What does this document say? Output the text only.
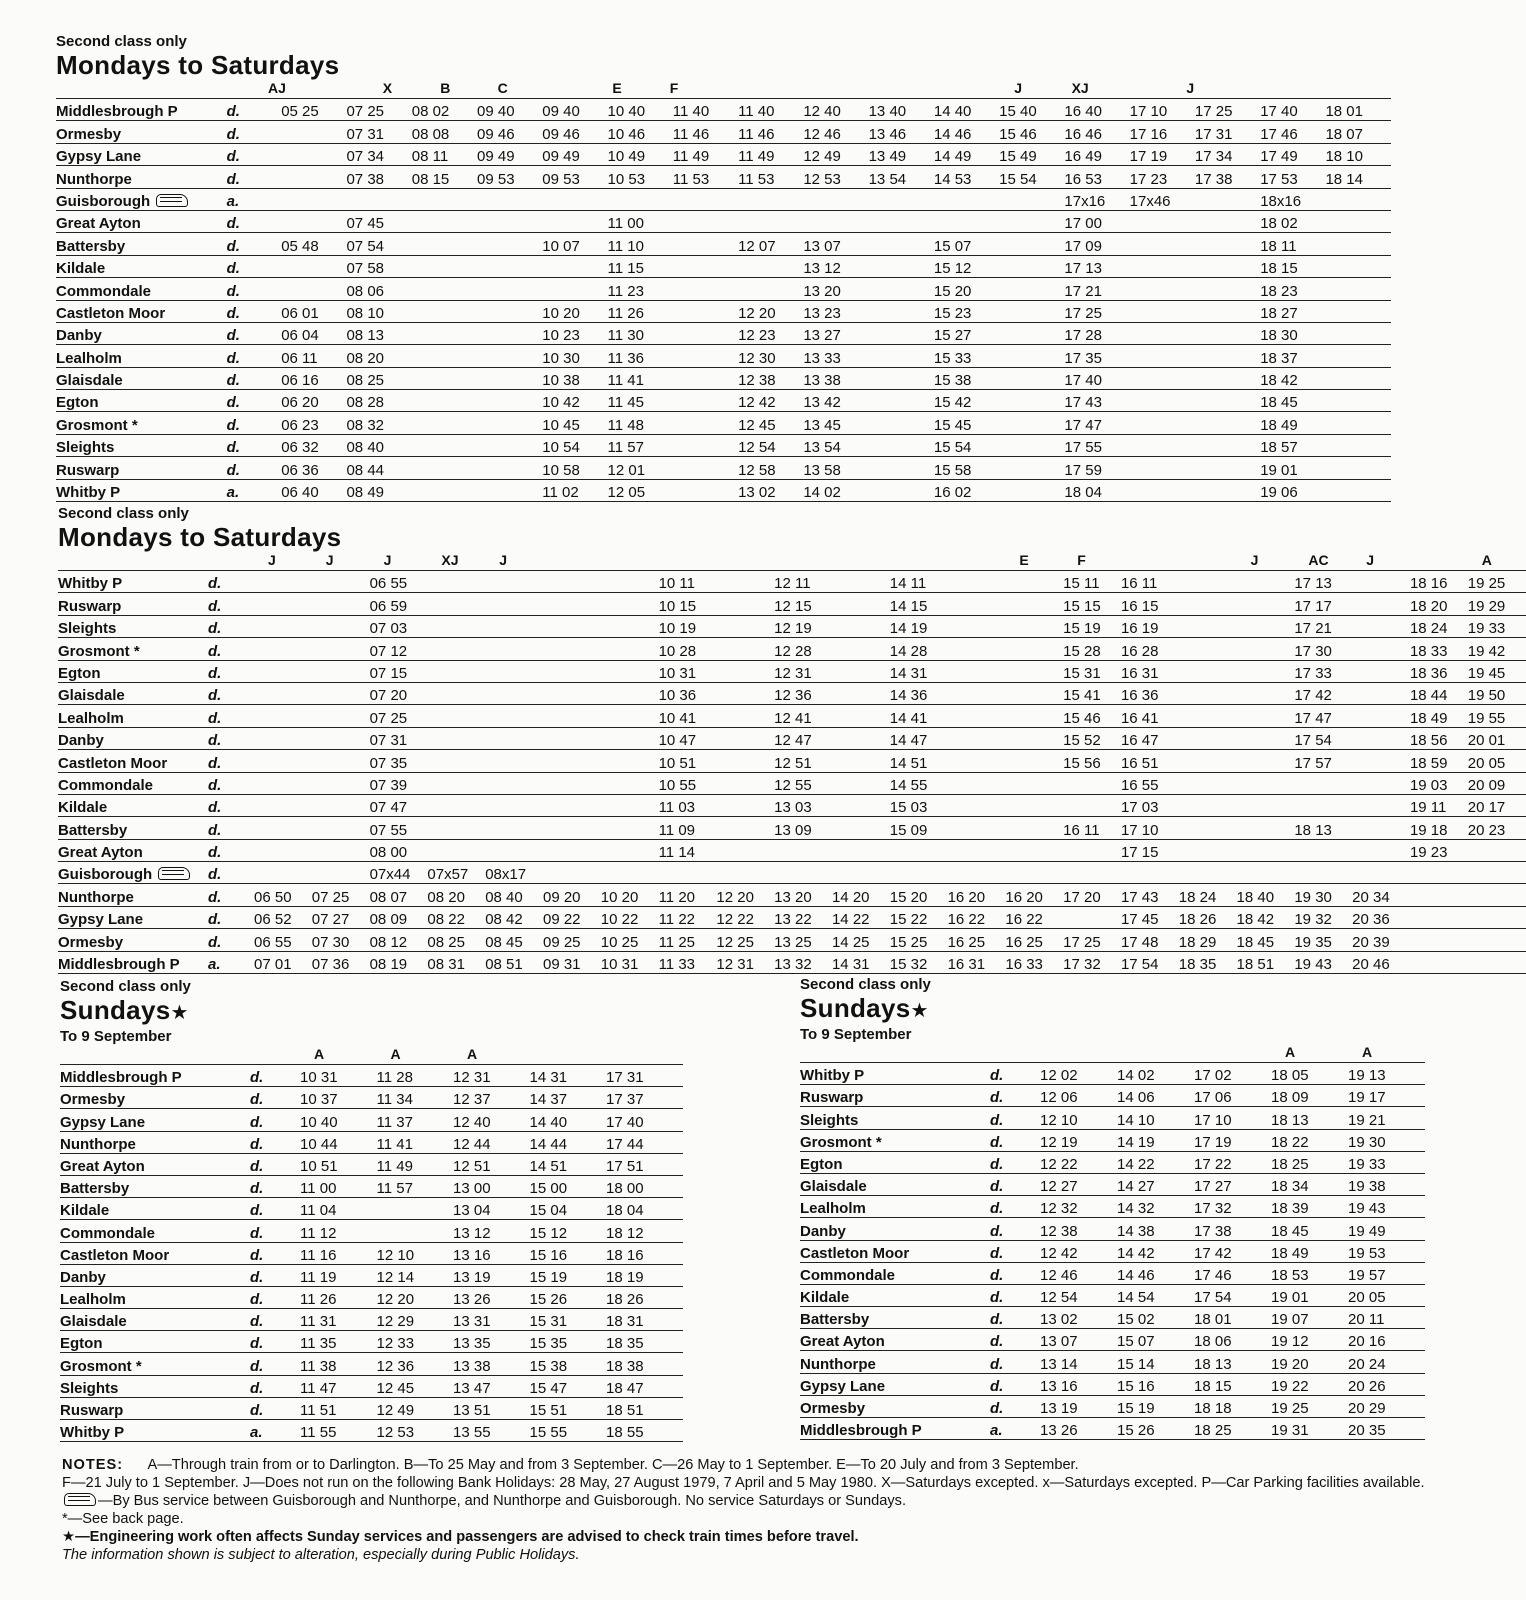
Second class only
Mondays to Saturdays
AJ	X	B	C	E	F	J	XJ	J
Middlesbrough P	d.	05 25	07 25	08 02	09 40	09 40	10 40	11 40	11 40	12 40	13 40	14 40	15 40	16 40	17 10	17 25	17 40	18 01
Ormesby	d.		07 31	08 08	09 46	09 46	10 46	11 46	11 46	12 46	13 46	14 46	15 46	16 46	17 16	17 31	17 46	18 07
Gypsy Lane	d.		07 34	08 11	09 49	09 49	10 49	11 49	11 49	12 49	13 49	14 49	15 49	16 49	17 19	17 34	17 49	18 10
Nunthorpe	d.		07 38	08 15	09 53	09 53	10 53	11 53	11 53	12 53	13 54	14 53	15 54	16 53	17 23	17 38	17 53	18 14
Guisborough	a.													17x16	17x46		18x16	
Great Ayton	d.		07 45				11 00							17 00			18 02	
Battersby	d.	05 48	07 54			10 07	11 10		12 07	13 07		15 07		17 09			18 11	
Kildale	d.		07 58				11 15			13 12		15 12		17 13			18 15	
Commondale	d.		08 06				11 23			13 20		15 20		17 21			18 23	
Castleton Moor	d.	06 01	08 10			10 20	11 26		12 20	13 23		15 23		17 25			18 27	
Danby	d.	06 04	08 13			10 23	11 30		12 23	13 27		15 27		17 28			18 30	
Lealholm	d.	06 11	08 20			10 30	11 36		12 30	13 33		15 33		17 35			18 37	
Glaisdale	d.	06 16	08 25			10 38	11 41		12 38	13 38		15 38		17 40			18 42	
Egton	d.	06 20	08 28			10 42	11 45		12 42	13 42		15 42		17 43			18 45	
Grosmont *	d.	06 23	08 32			10 45	11 48		12 45	13 45		15 45		17 47			18 49	
Sleights	d.	06 32	08 40			10 54	11 57		12 54	13 54		15 54		17 55			18 57	
Ruswarp	d.	06 36	08 44			10 58	12 01		12 58	13 58		15 58		17 59			19 01	
Whitby P	a.	06 40	08 49			11 02	12 05		13 02	14 02		16 02		18 04			19 06	
Second class only
Mondays to Saturdays
J	J	J	XJ	J	E	F	J	AC	J	A
Whitby P	d.			06 55					10 11		12 11		14 11			15 11	16 11			17 13		18 16	19 25
Ruswarp	d.			06 59					10 15		12 15		14 15			15 15	16 15			17 17		18 20	19 29
Sleights	d.			07 03					10 19		12 19		14 19			15 19	16 19			17 21		18 24	19 33
Grosmont *	d.			07 12					10 28		12 28		14 28			15 28	16 28			17 30		18 33	19 42
Egton	d.			07 15					10 31		12 31		14 31			15 31	16 31			17 33		18 36	19 45
Glaisdale	d.			07 20					10 36		12 36		14 36			15 41	16 36			17 42		18 44	19 50
Lealholm	d.			07 25					10 41		12 41		14 41			15 46	16 41			17 47		18 49	19 55
Danby	d.			07 31					10 47		12 47		14 47			15 52	16 47			17 54		18 56	20 01
Castleton Moor	d.			07 35					10 51		12 51		14 51			15 56	16 51			17 57		18 59	20 05
Commondale	d.			07 39					10 55		12 55		14 55				16 55					19 03	20 09
Kildale	d.			07 47					11 03		13 03		15 03				17 03					19 11	20 17
Battersby	d.			07 55					11 09		13 09		15 09			16 11	17 10			18 13		19 18	20 23
Great Ayton	d.			08 00					11 14								17 15					19 23	
Guisborough	d.			07x44	07x57	08x17																	
Nunthorpe	d.	06 50	07 25	08 07	08 20	08 40	09 20	10 20	11 20	12 20	13 20	14 20	15 20	16 20	16 20	17 20	17 43	18 24	18 40	19 30	20 34		
Gypsy Lane	d.	06 52	07 27	08 09	08 22	08 42	09 22	10 22	11 22	12 22	13 22	14 22	15 22	16 22	16 22		17 45	18 26	18 42	19 32	20 36		
Ormesby	d.	06 55	07 30	08 12	08 25	08 45	09 25	10 25	11 25	12 25	13 25	14 25	15 25	16 25	16 25	17 25	17 48	18 29	18 45	19 35	20 39		
Middlesbrough P	a.	07 01	07 36	08 19	08 31	08 51	09 31	10 31	11 33	12 31	13 32	14 31	15 32	16 31	16 33	17 32	17 54	18 35	18 51	19 43	20 46		
Second class only
Sundays★
To 9 September
A	A	A
Middlesbrough P	d.	10 31	11 28	12 31	14 31	17 31
Ormesby	d.	10 37	11 34	12 37	14 37	17 37
Gypsy Lane	d.	10 40	11 37	12 40	14 40	17 40
Nunthorpe	d.	10 44	11 41	12 44	14 44	17 44
Great Ayton	d.	10 51	11 49	12 51	14 51	17 51
Battersby	d.	11 00	11 57	13 00	15 00	18 00
Kildale	d.	11 04		13 04	15 04	18 04
Commondale	d.	11 12		13 12	15 12	18 12
Castleton Moor	d.	11 16	12 10	13 16	15 16	18 16
Danby	d.	11 19	12 14	13 19	15 19	18 19
Lealholm	d.	11 26	12 20	13 26	15 26	18 26
Glaisdale	d.	11 31	12 29	13 31	15 31	18 31
Egton	d.	11 35	12 33	13 35	15 35	18 35
Grosmont *	d.	11 38	12 36	13 38	15 38	18 38
Sleights	d.	11 47	12 45	13 47	15 47	18 47
Ruswarp	d.	11 51	12 49	13 51	15 51	18 51
Whitby P	a.	11 55	12 53	13 55	15 55	18 55
Second class only
Sundays★
To 9 September
A	A
Whitby P	d.	12 02	14 02	17 02	18 05	19 13
Ruswarp	d.	12 06	14 06	17 06	18 09	19 17
Sleights	d.	12 10	14 10	17 10	18 13	19 21
Grosmont *	d.	12 19	14 19	17 19	18 22	19 30
Egton	d.	12 22	14 22	17 22	18 25	19 33
Glaisdale	d.	12 27	14 27	17 27	18 34	19 38
Lealholm	d.	12 32	14 32	17 32	18 39	19 43
Danby	d.	12 38	14 38	17 38	18 45	19 49
Castleton Moor	d.	12 42	14 42	17 42	18 49	19 53
Commondale	d.	12 46	14 46	17 46	18 53	19 57
Kildale	d.	12 54	14 54	17 54	19 01	20 05
Battersby	d.	13 02	15 02	18 01	19 07	20 11
Great Ayton	d.	13 07	15 07	18 06	19 12	20 16
Nunthorpe	d.	13 14	15 14	18 13	19 20	20 24
Gypsy Lane	d.	13 16	15 16	18 15	19 22	20 26
Ormesby	d.	13 19	15 19	18 18	19 25	20 29
Middlesbrough P	a.	13 26	15 26	18 25	19 31	20 35
NOTES: A—Through train from or to Darlington. B—To 25 May and from 3 September. C—26 May to 1 September. E—To 20 July and from 3 September.
F—21 July to 1 September. J—Does not run on the following Bank Holidays: 28 May, 27 August 1979, 7 April and 5 May 1980. X—Saturdays excepted. x—Saturdays excepted. P—Car Parking facilities available. —By Bus service between Guisborough and Nunthorpe, and Nunthorpe and Guisborough. No service Saturdays or Sundays.
*—See back page.
★—Engineering work often affects Sunday services and passengers are advised to check train times before travel.
The information shown is subject to alteration, especially during Public Holidays.
